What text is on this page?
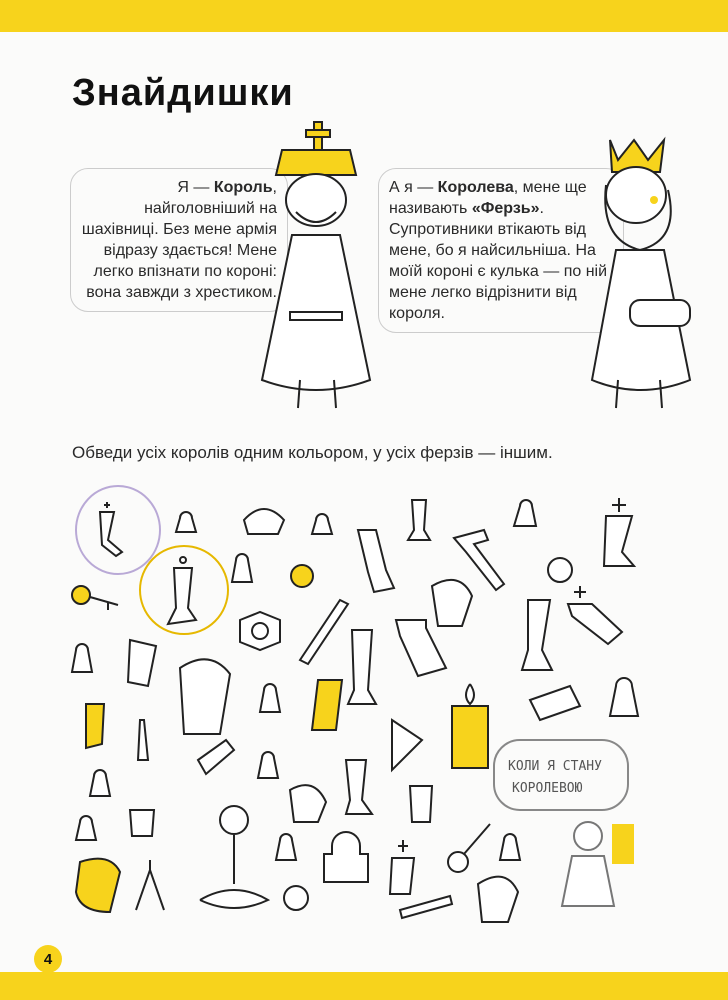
Знайдишки
Я — Король, найголовніший на шахівниці. Без мене армія відразу здається! Мене легко впізнати по короні: вона завжди з хрестиком.
А я — Королева, мене ще називають «Ферзь». Супротивники втікають від мене, бо я найсильніша. На моїй короні є кулька — по ній мене легко відрізнити від короля.
Обведи усіх королів одним кольором, у усіх ферзів — іншим.
КОЛИ Я СТАНУ
КОРОЛЕВОЮ
4
